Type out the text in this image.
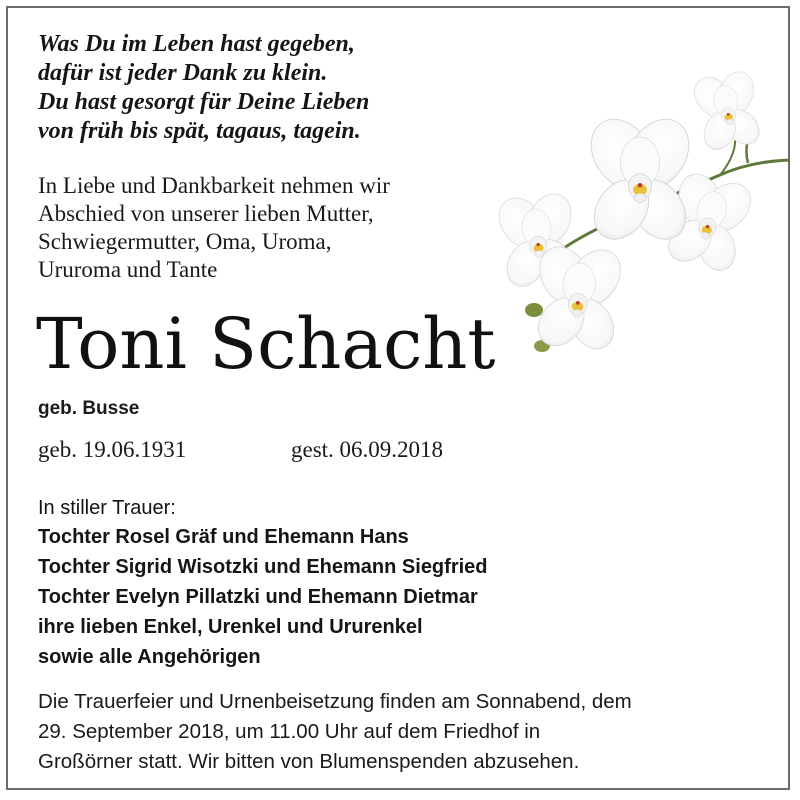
Was Du im Leben hast gegeben,
dafür ist jeder Dank zu klein.
Du hast gesorgt für Deine Lieben
von früh bis spät, tagaus, tagein.
In Liebe und Dankbarkeit nehmen wir
Abschied von unserer lieben Mutter,
Schwiegermutter, Oma, Uroma,
Ururoma und Tante
Toni Schacht
geb. Busse
geb. 19.06.1931	gest. 06.09.2018
In stiller Trauer:
Tochter Rosel Gräf und Ehemann Hans
Tochter Sigrid Wisotzki und Ehemann Siegfried
Tochter Evelyn Pillatzki und Ehemann Dietmar
ihre lieben Enkel, Urenkel und Ururenkel
sowie alle Angehörigen
Die Trauerfeier und Urnenbeisetzung finden am Sonnabend, dem
29. September 2018, um 11.00 Uhr auf dem Friedhof in
Großörner statt. Wir bitten von Blumenspenden abzusehen.
